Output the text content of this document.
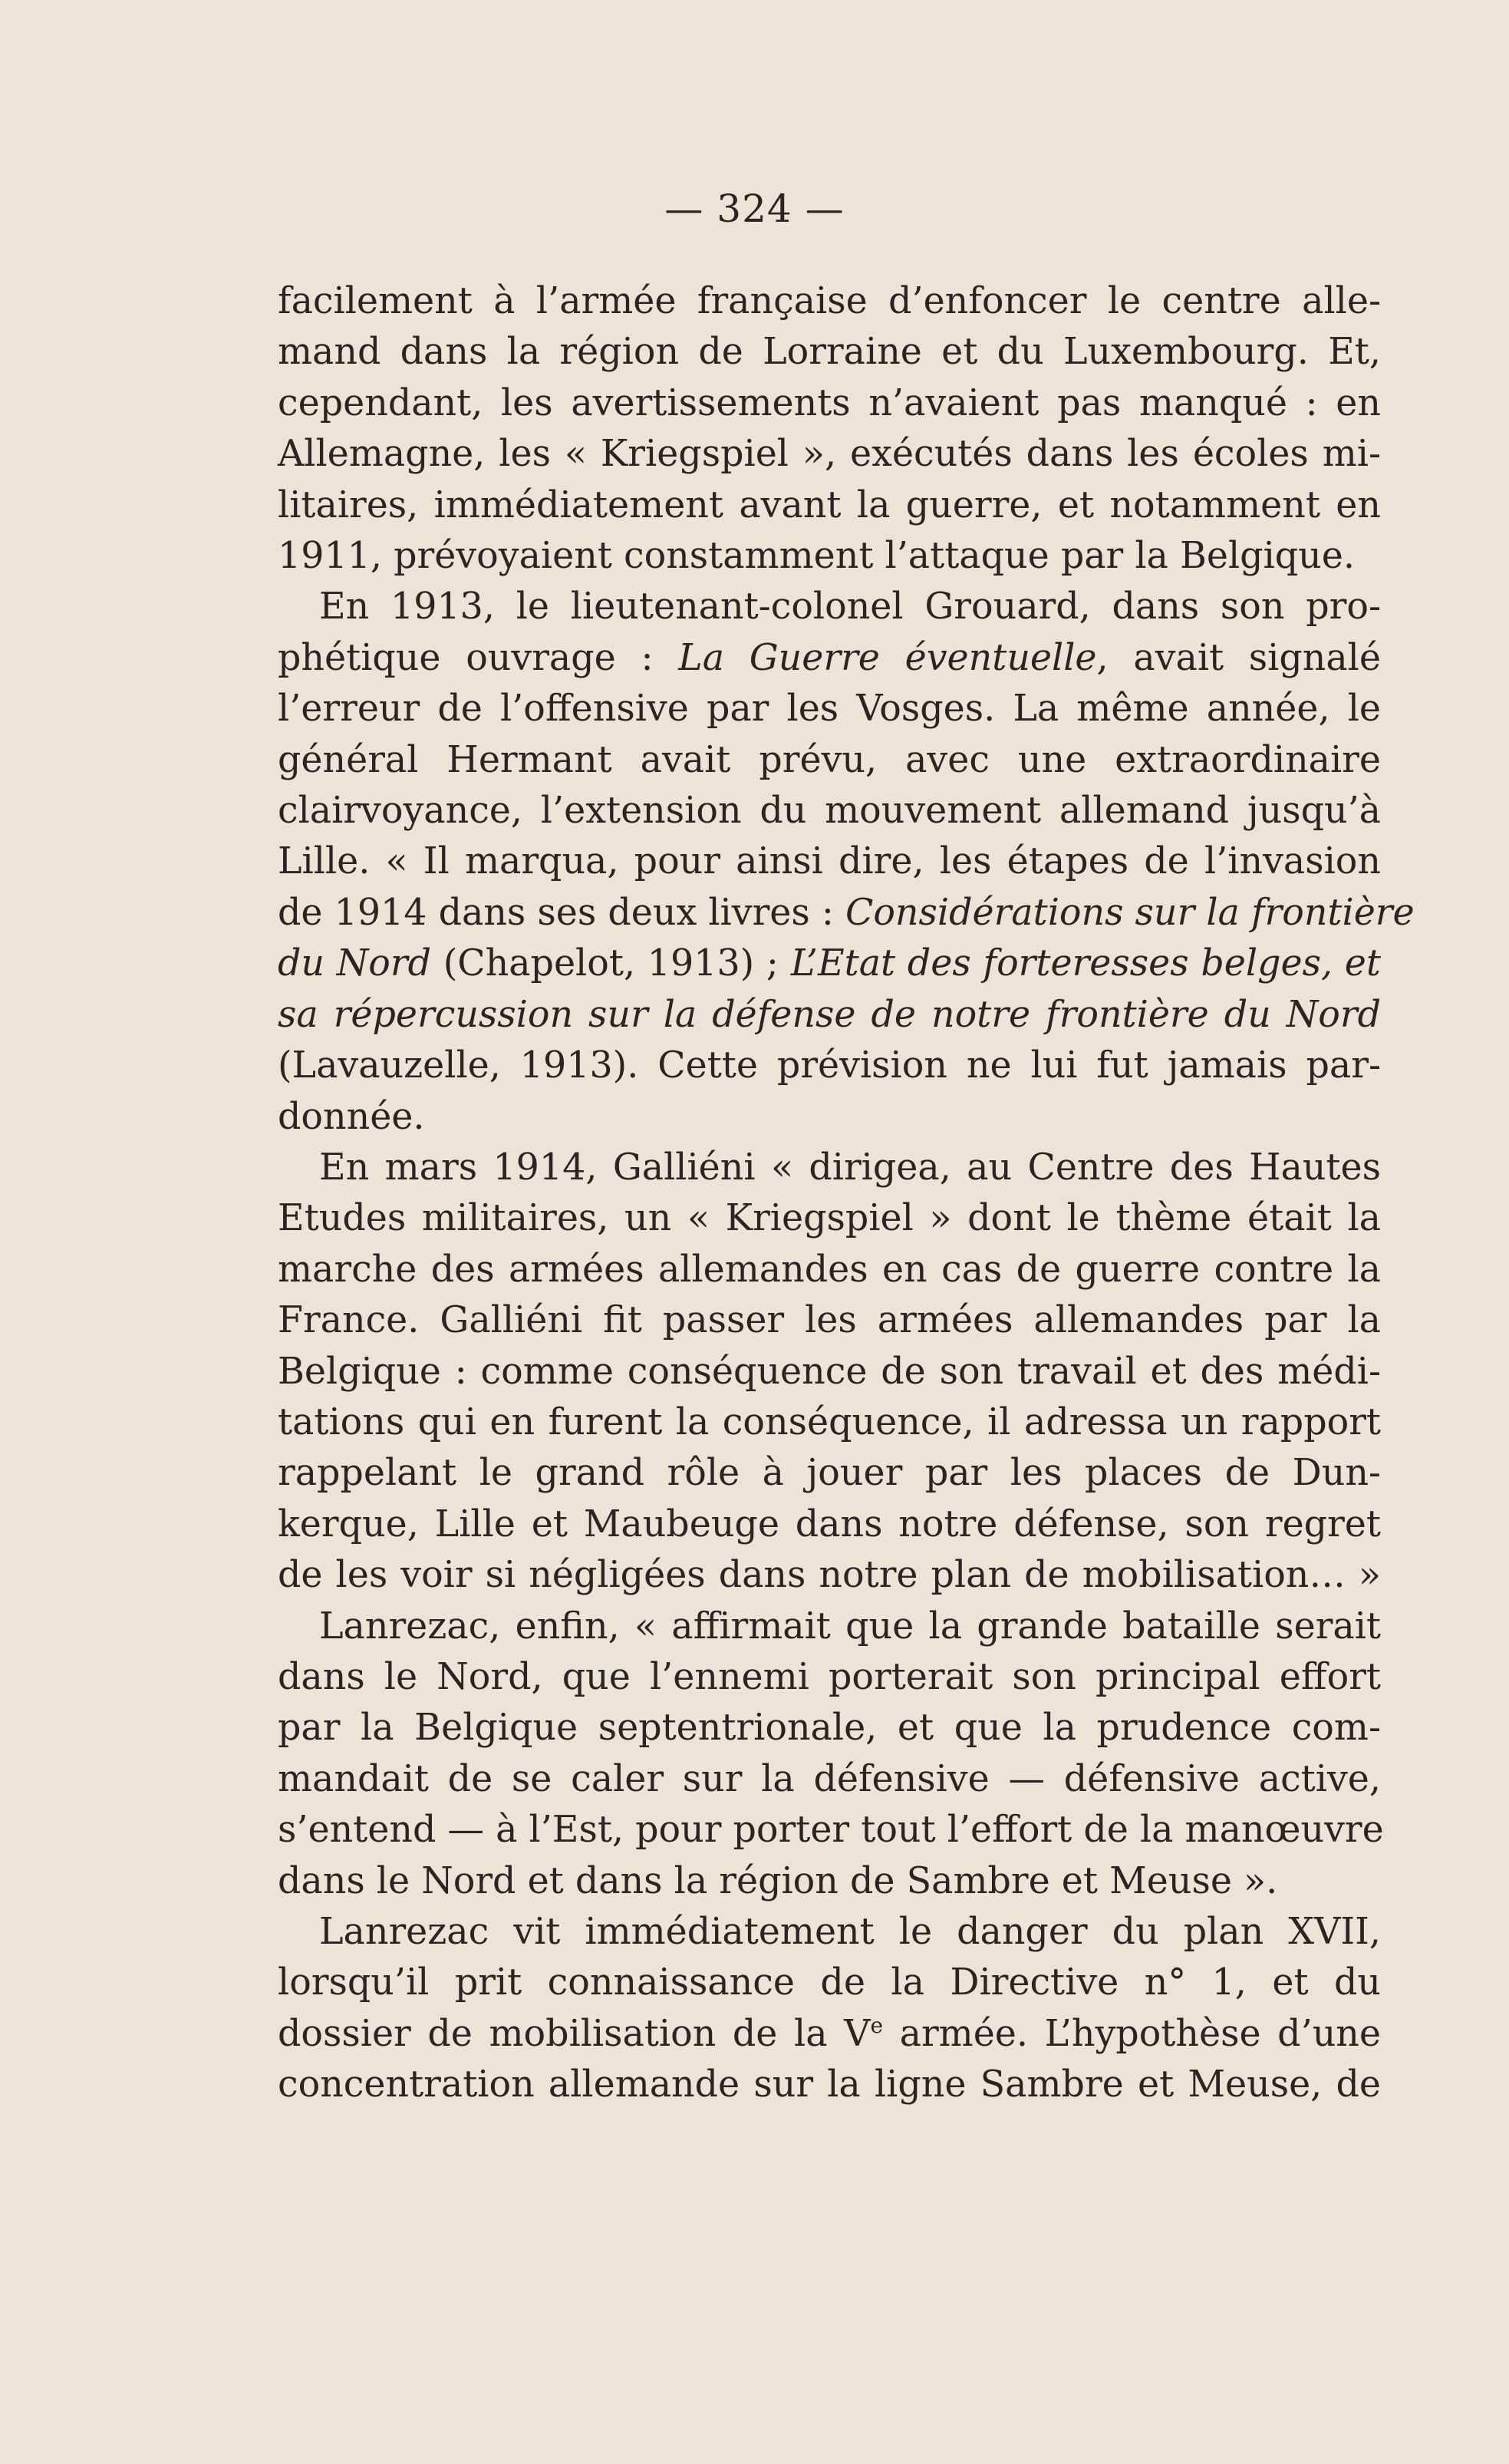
— 324 —
facilement à l’armée française d’enfoncer le centre alle-
mand dans la région de Lorraine et du Luxembourg. Et,
cependant, les avertissements n’avaient pas manqué : en
Allemagne, les « Kriegspiel », exécutés dans les écoles mi-
litaires, immédiatement avant la guerre, et notamment en
1911, prévoyaient constamment l’attaque par la Belgique.
En 1913, le lieutenant-colonel Grouard, dans son pro-
phétique ouvrage : La Guerre éventuelle, avait signalé
l’erreur de l’offensive par les Vosges. La même année, le
général Hermant avait prévu, avec une extraordinaire
clairvoyance, l’extension du mouvement allemand jusqu’à
Lille. « Il marqua, pour ainsi dire, les étapes de l’invasion
de 1914 dans ses deux livres : Considérations sur la frontière
du Nord (Chapelot, 1913) ; L’Etat des forteresses belges, et
sa répercussion sur la défense de notre frontière du Nord
(Lavauzelle, 1913). Cette prévision ne lui fut jamais par-
donnée.
En mars 1914, Galliéni « dirigea, au Centre des Hautes
Etudes militaires, un « Kriegspiel » dont le thème était la
marche des armées allemandes en cas de guerre contre la
France. Galliéni fit passer les armées allemandes par la
Belgique : comme conséquence de son travail et des médi-
tations qui en furent la conséquence, il adressa un rapport
rappelant le grand rôle à jouer par les places de Dun-
kerque, Lille et Maubeuge dans notre défense, son regret
de les voir si négligées dans notre plan de mobilisation… »
Lanrezac, enfin, « affirmait que la grande bataille serait
dans le Nord, que l’ennemi porterait son principal effort
par la Belgique septentrionale, et que la prudence com-
mandait de se caler sur la défensive — défensive active,
s’entend — à l’Est, pour porter tout l’effort de la manœuvre
dans le Nord et dans la région de Sambre et Meuse ».
Lanrezac vit immédiatement le danger du plan XVII,
lorsqu’il prit connaissance de la Directive n° 1, et du
dossier de mobilisation de la Ve armée. L’hypothèse d’une
concentration allemande sur la ligne Sambre et Meuse, de
